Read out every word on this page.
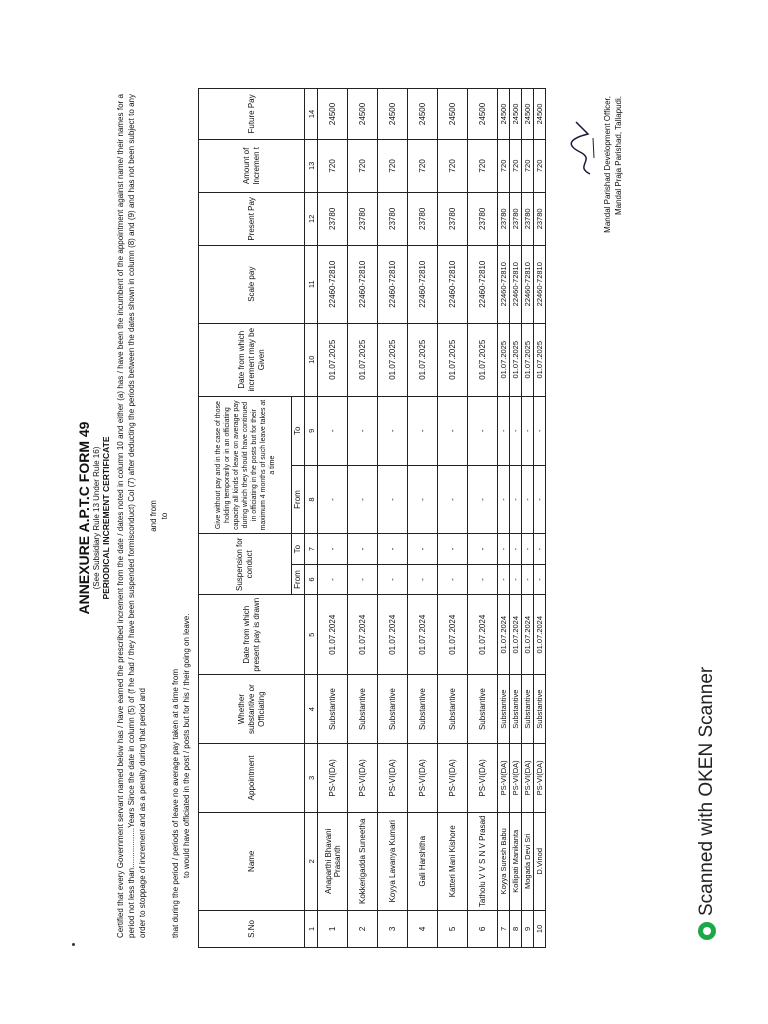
ANNEXURE A.P.T.C FORM 49 (See Subsidiary Rule 13 Under Rule 16) PERIODICAL INCREMENT CERTIFICATE Certified that every Government servant named below has / have earned the prescribed increment from the date / dates noted in column 10 and either (a) has / have been the incumbent of the appointment against name/ their names for a period not less than..................Years Since the date in column (5) of (f he had / they have been suspended formisconduct) Col (7) after deducting the periods between the dates shown in column (8) and (9) and has not been subject to any order to stoppage of increment and as a penalty during that period and
and from to
that during the period / periods of leave no average pay taken at a time from to would have officiated in the post / posts but for his / their going on leave.
S.No	Name	Appointment	Whether substantive or Officiating	Date from which present pay is drawn	Suspension for conduct		Give without pay and in the case of those holding temporarily or in an officiating capacity all kinds of leave on average pay during which they should have continued in officiating in the posts but for their maximum 4 months of such leave takes at a time		Date from which increment may be Given	Scale pay	Present Pay	Amount of Incremen t	Future Pay
					From	To	From	To					
1	2	3	4	5	6	7	8	9	10	11	12	13	14
1	Anaparthi Bhavani Prasanth	PS-VI(DA)	Substantive	01.07.2024	-	-	-	-	01.07.2025	22460-72810	23780	720	24500
2	Kokkerigadda Suneetha	PS-VI(DA)	Substantive	01.07.2024	-	-	-	-	01.07.2025	22460-72810	23780	720	24500
3	Koyya Lavanya Kumari	PS-VI(DA)	Substantive	01.07.2024	-	-	-	-	01.07.2025	22460-72810	23780	720	24500
4	Gali Harshitha	PS-VI(DA)	Substantive	01.07.2024	-	-	-	-	01.07.2025	22460-72810	23780	720	24500
5	Katteri Mani Kishore	PS-VI(DA)	Substantive	01.07.2024	-	-	-	-	01.07.2025	22460-72810	23780	720	24500
6	Tatholu V V S N V Prasad	PS-VI(DA)	Substantive	01.07.2024	-	-	-	-	01.07.2025	22460-72810	23780	720	24500
7	Koyya Suresh Babu	PS-VI(DA)	Substantive	01.07.2024	-	-	-	-	01.07.2025	22460-72810	23780	720	24500
8	Kollipati Manikanta	PS-VI(DA)	Substantive	01.07.2024	-	-	-	-	01.07.2025	22460-72810	23780	720	24500
9	Mogada Devi Sri	PS-VI(DA)	Substantive	01.07.2024	-	-	-	-	01.07.2025	22460-72810	23780	720	24500
10	D.Vinod	PS-VI(DA)	Substantive	01.07.2024	-	-	-	-	01.07.2025	22460-72810	23780	720	24500	Mandal Parishad Development Officer, Mandal Praja Parishad, Tallapudi.
Scanned with OKEN Scanner
